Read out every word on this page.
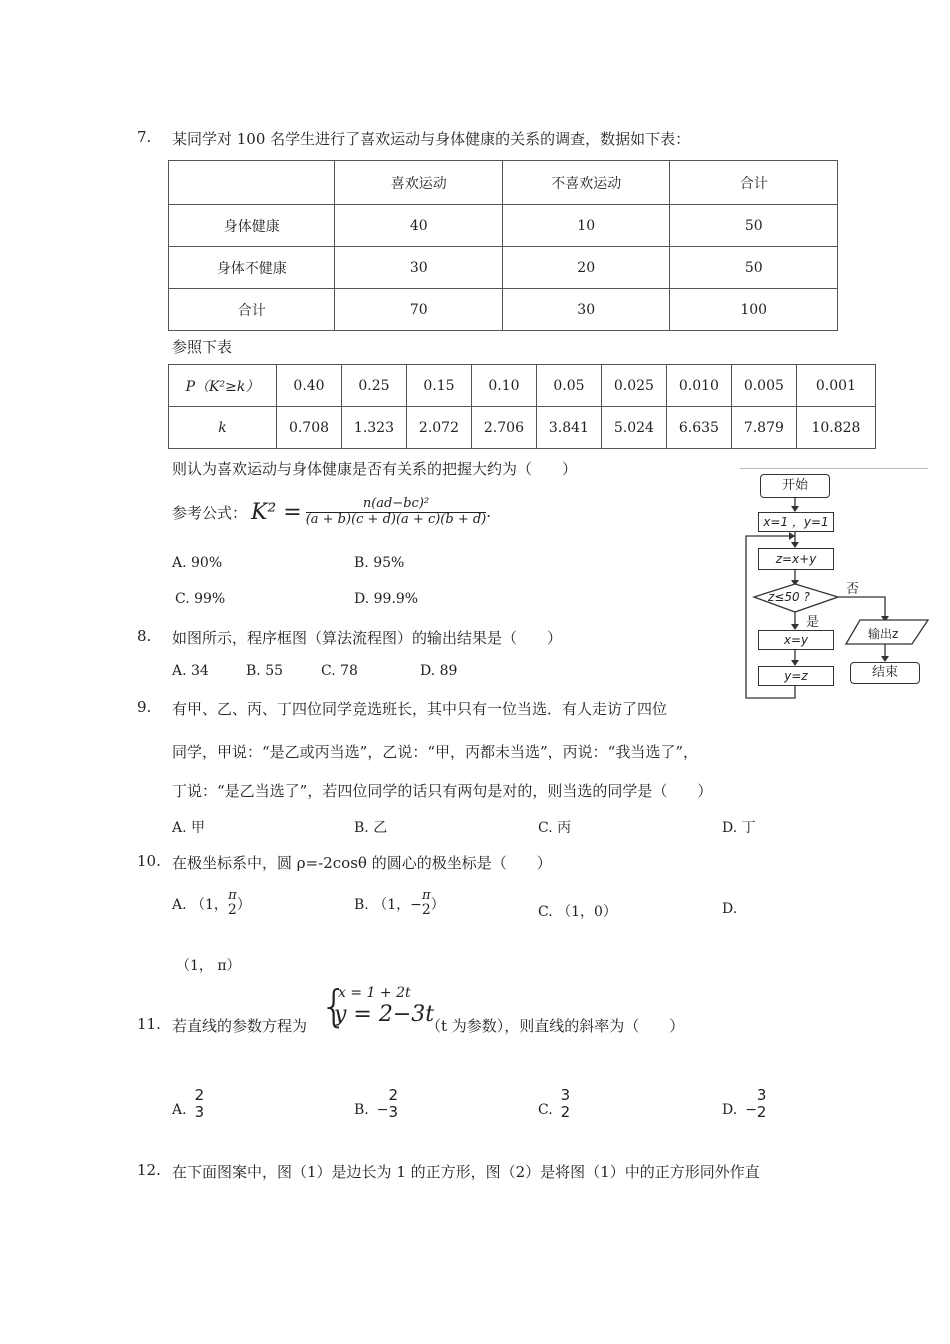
7. 某同学对 100 名学生进行了喜欢运动与身体健康的关系的调查，数据如下表：
	喜欢运动	不喜欢运动	合计
身体健康	40	10	50
身体不健康	30	20	50
合计	70	30	100
参照下表
P（K²≥k）	0.40	0.25	0.15	0.10	0.05	0.025	0.010	0.005	0.001
k	0.708	1.323	2.072	2.706	3.841	5.024	6.635	7.879	10.828
则认为喜欢运动与身体健康是否有关系的把握大约为（　　）
参考公式： $K^2 = \frac{\text{n(ad−bc)²}}{(a + b)(c + d)(a + c)(b + d)}$ .
A. 90%	B. 95%
C. 99%	D. 99.9%
开始
x=1 ，y=1
z=x+y
z≤50 ?	否
是
x=y
y=z
输出z
结束
8. 如图所示，程序框图（算法流程图）的输出结果是（　　）
A. 34	B. 55	C. 78	D. 89
9. 有甲、乙、丙、丁四位同学竞选班长，其中只有一位当选．有人走访了四位
同学，甲说：“是乙或丙当选”，乙说：“甲，丙都未当选”，丙说：“我当选了”，
丁说：“是乙当选了”，若四位同学的话只有两句是对的，则当选的同学是（　　）
A. 甲	B. 乙	C. 丙	D. 丁
10. 在极坐标系中，圆 ρ=-2cosθ 的圆心的极坐标是（　　）
A. （1，
π
2 ）	B. （1，−
π
2 ）	C. （1，0）	D.
（1， π）
11. 若直线的参数方程为 {
x = 1 + 2t
y = 2−3t
（t 为参数），则直线的斜率为（　　）
A.
2
3	B. −
2
3	C.
3
2	D. −
3
2
12. 在下面图案中，图（1）是边长为 1 的正方形，图（2）是将图（1）中的正方形同外作直
